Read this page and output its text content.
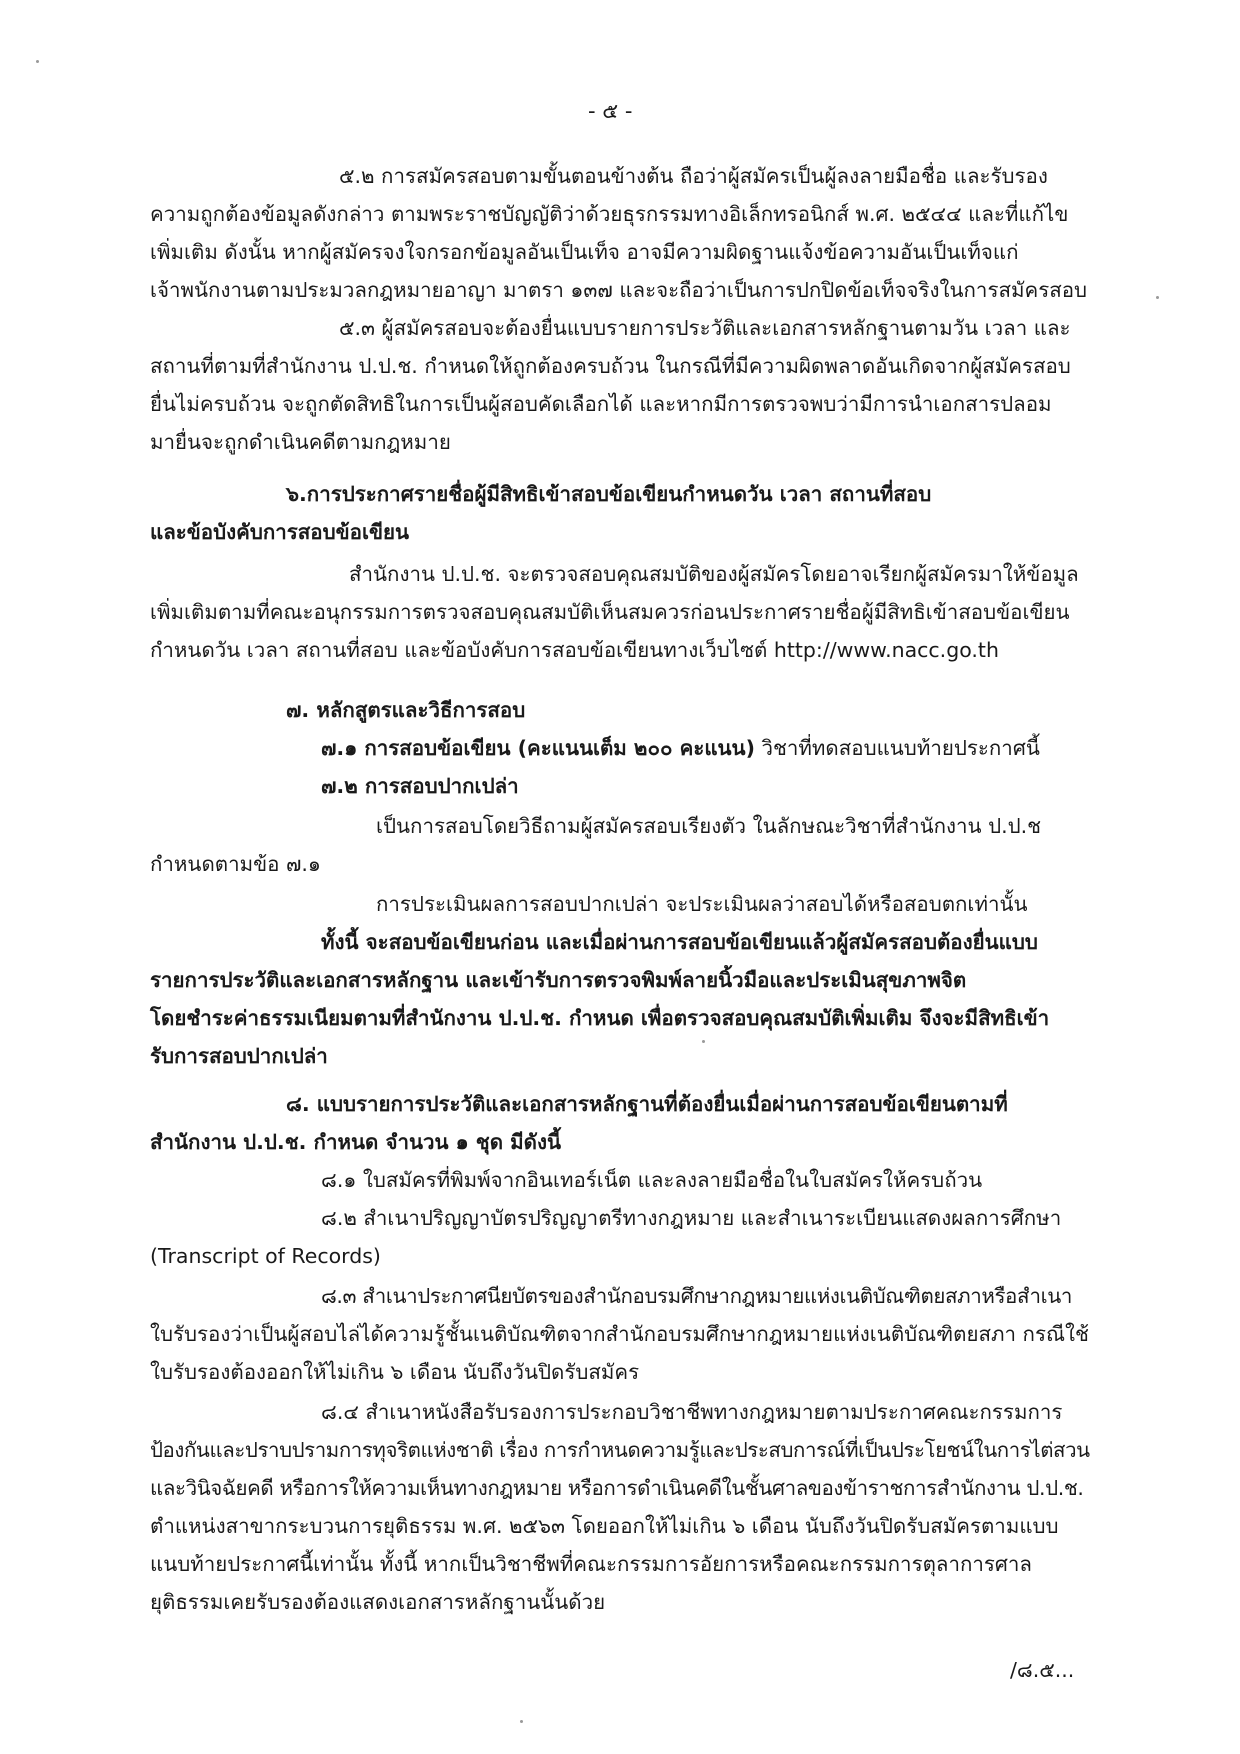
- ๕ -
๕.๒ การสมัครสอบตามขั้นตอนข้างต้น ถือว่าผู้สมัครเป็นผู้ลงลายมือชื่อ และรับรอง
ความถูกต้องข้อมูลดังกล่าว ตามพระราชบัญญัติว่าด้วยธุรกรรมทางอิเล็กทรอนิกส์ พ.ศ. ๒๕๔๔ และที่แก้ไข
เพิ่มเติม ดังนั้น หากผู้สมัครจงใจกรอกข้อมูลอันเป็นเท็จ อาจมีความผิดฐานแจ้งข้อความอันเป็นเท็จแก่
เจ้าพนักงานตามประมวลกฎหมายอาญา มาตรา ๑๓๗ และจะถือว่าเป็นการปกปิดข้อเท็จจริงในการสมัครสอบ
๕.๓ ผู้สมัครสอบจะต้องยื่นแบบรายการประวัติและเอกสารหลักฐานตามวัน เวลา และ
สถานที่ตามที่สำนักงาน ป.ป.ช. กำหนดให้ถูกต้องครบถ้วน ในกรณีที่มีความผิดพลาดอันเกิดจากผู้สมัครสอบ
ยื่นไม่ครบถ้วน จะถูกตัดสิทธิในการเป็นผู้สอบคัดเลือกได้ และหากมีการตรวจพบว่ามีการนำเอกสารปลอม
มายื่นจะถูกดำเนินคดีตามกฎหมาย
๖.การประกาศรายชื่อผู้มีสิทธิเข้าสอบข้อเขียนกำหนดวัน เวลา สถานที่สอบ
และข้อบังคับการสอบข้อเขียน
สำนักงาน ป.ป.ช. จะตรวจสอบคุณสมบัติของผู้สมัครโดยอาจเรียกผู้สมัครมาให้ข้อมูล
เพิ่มเติมตามที่คณะอนุกรรมการตรวจสอบคุณสมบัติเห็นสมควรก่อนประกาศรายชื่อผู้มีสิทธิเข้าสอบข้อเขียน
กำหนดวัน เวลา สถานที่สอบ และข้อบังคับการสอบข้อเขียนทางเว็บไซต์ http://www.nacc.go.th
๗. หลักสูตรและวิธีการสอบ
๗.๑ การสอบข้อเขียน (คะแนนเต็ม ๒๐๐ คะแนน) วิชาที่ทดสอบแนบท้ายประกาศนี้
๗.๒ การสอบปากเปล่า
เป็นการสอบโดยวิธีถามผู้สมัครสอบเรียงตัว ในลักษณะวิชาที่สำนักงาน ป.ป.ช
กำหนดตามข้อ ๗.๑
การประเมินผลการสอบปากเปล่า จะประเมินผลว่าสอบได้หรือสอบตกเท่านั้น
ทั้งนี้ จะสอบข้อเขียนก่อน และเมื่อผ่านการสอบข้อเขียนแล้วผู้สมัครสอบต้องยื่นแบบ
รายการประวัติและเอกสารหลักฐาน และเข้ารับการตรวจพิมพ์ลายนิ้วมือและประเมินสุขภาพจิต
โดยชำระค่าธรรมเนียมตามที่สำนักงาน ป.ป.ช. กำหนด เพื่อตรวจสอบคุณสมบัติเพิ่มเติม จึงจะมีสิทธิเข้า
รับการสอบปากเปล่า
๘. แบบรายการประวัติและเอกสารหลักฐานที่ต้องยื่นเมื่อผ่านการสอบข้อเขียนตามที่
สำนักงาน ป.ป.ช. กำหนด จำนวน ๑ ชุด มีดังนี้
๘.๑ ใบสมัครที่พิมพ์จากอินเทอร์เน็ต และลงลายมือชื่อในใบสมัครให้ครบถ้วน
๘.๒ สำเนาปริญญาบัตรปริญญาตรีทางกฎหมาย และสำเนาระเบียนแสดงผลการศึกษา
(Transcript of Records)
๘.๓ สำเนาประกาศนียบัตรของสำนักอบรมศึกษากฎหมายแห่งเนติบัณฑิตยสภาหรือสำเนา
ใบรับรองว่าเป็นผู้สอบไล่ได้ความรู้ชั้นเนติบัณฑิตจากสำนักอบรมศึกษากฎหมายแห่งเนติบัณฑิตยสภา กรณีใช้
ใบรับรองต้องออกให้ไม่เกิน ๖ เดือน นับถึงวันปิดรับสมัคร
๘.๔ สำเนาหนังสือรับรองการประกอบวิชาชีพทางกฎหมายตามประกาศคณะกรรมการ
ป้องกันและปราบปรามการทุจริตแห่งชาติ เรื่อง การกำหนดความรู้และประสบการณ์ที่เป็นประโยชน์ในการไต่สวน
และวินิจฉัยคดี หรือการให้ความเห็นทางกฎหมาย หรือการดำเนินคดีในชั้นศาลของข้าราชการสำนักงาน ป.ป.ช.
ตำแหน่งสาขากระบวนการยุติธรรม พ.ศ. ๒๕๖๓ โดยออกให้ไม่เกิน ๖ เดือน นับถึงวันปิดรับสมัครตามแบบ
แนบท้ายประกาศนี้เท่านั้น ทั้งนี้ หากเป็นวิชาชีพที่คณะกรรมการอัยการหรือคณะกรรมการตุลาการศาล
ยุติธรรมเคยรับรองต้องแสดงเอกสารหลักฐานนั้นด้วย
/๘.๕...
